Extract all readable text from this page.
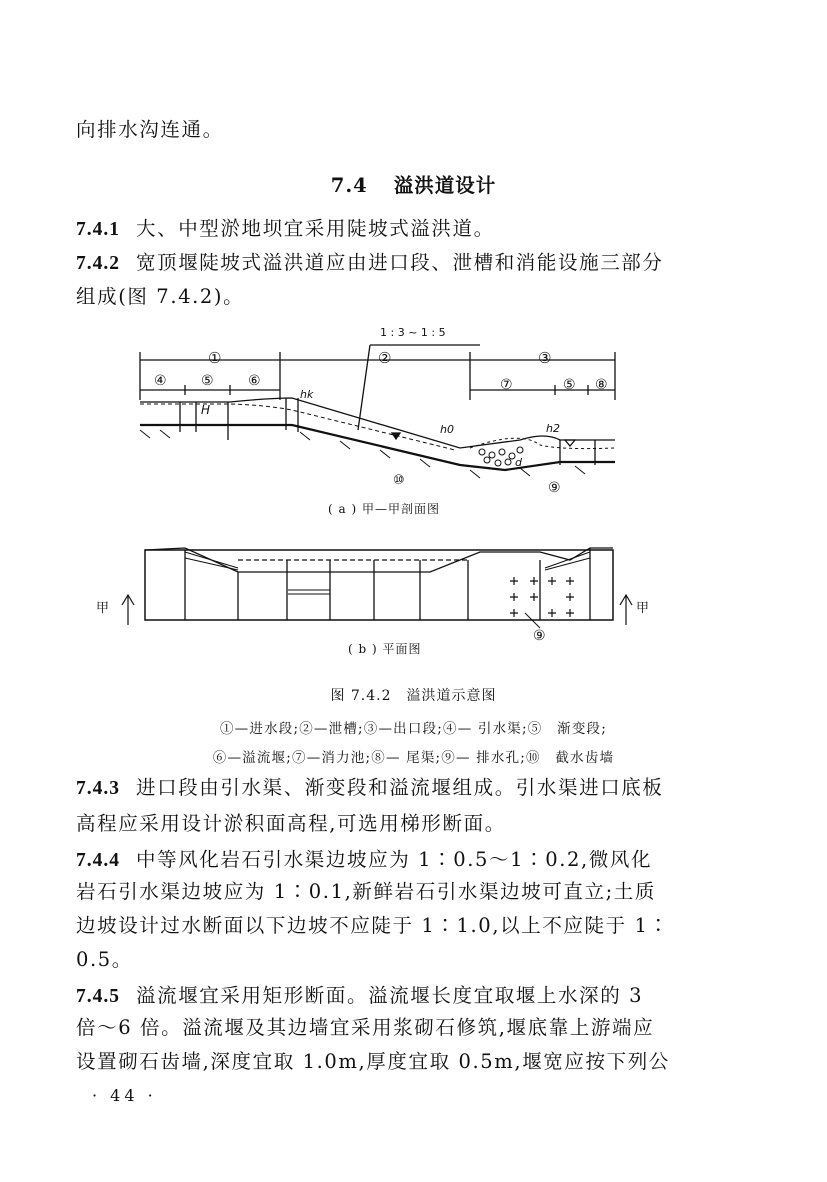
向排水沟连通。
7.4 溢洪道设计
7.4.1 大、中型淤地坝宜采用陡坡式溢洪道。
7.4.2 宽顶堰陡坡式溢洪道应由进口段、泄槽和消能设施三部分
组成(图 7.4.2)。
①	②	③
④ ⑤ ⑥	⑦	⑤ ⑧
⑩	⑨
1 : 3 ~ 1 : 5
H
hk
h0	h2
d
甲	甲
⑨
( a ) 甲—甲剖面图
( b ) 平面图
图 7.4.2　溢洪道示意图
①—进水段;②—泄槽;③—出口段;④— 引水渠;⑤　渐变段;
⑥—溢流堰;⑦—消力池;⑧— 尾渠;⑨— 排水孔;⑩　截水齿墙
7.4.3 进口段由引水渠、渐变段和溢流堰组成。引水渠进口底板
高程应采用设计淤积面高程,可选用梯形断面。
7.4.4 中等风化岩石引水渠边坡应为 1∶0.5～1∶0.2,微风化
岩石引水渠边坡应为 1∶0.1,新鲜岩石引水渠边坡可直立;土质
边坡设计过水断面以下边坡不应陡于 1∶1.0,以上不应陡于 1∶
0.5。
7.4.5 溢流堰宜采用矩形断面。溢流堰长度宜取堰上水深的 3
倍～6 倍。溢流堰及其边墙宜采用浆砌石修筑,堰底靠上游端应
设置砌石齿墙,深度宜取 1.0m,厚度宜取 0.5m,堰宽应按下列公
· 44 ·
